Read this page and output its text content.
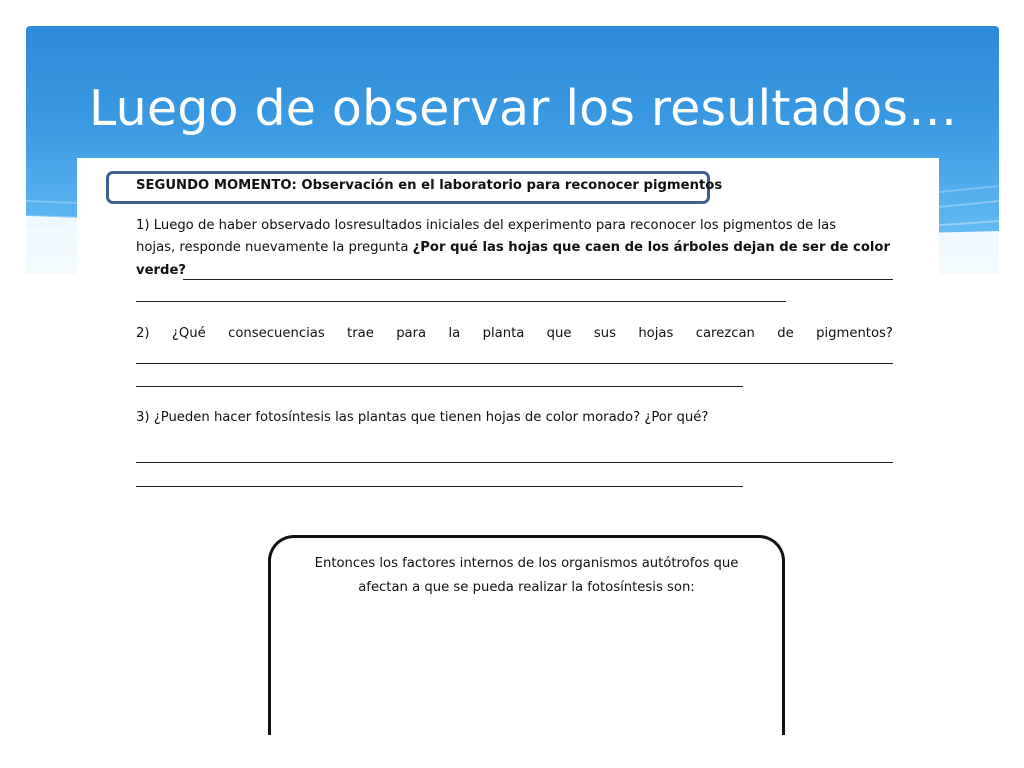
Luego de observar los resultados…
SEGUNDO MOMENTO: Observación en el laboratorio para reconocer pigmentos
1) Luego de haber observado losresultados iniciales del experimento para reconocer los pigmentos de las
hojas, responde nuevamente la pregunta ¿Por qué las hojas que caen de los árboles dejan de ser de color
verde?
2) ¿Qué consecuencias trae para la planta que sus hojas carezcan de pigmentos?
3) ¿Pueden hacer fotosíntesis las plantas que tienen hojas de color morado? ¿Por qué?
Entonces los factores internos de los organismos autótrofos que
afectan a que se pueda realizar la fotosíntesis son:
